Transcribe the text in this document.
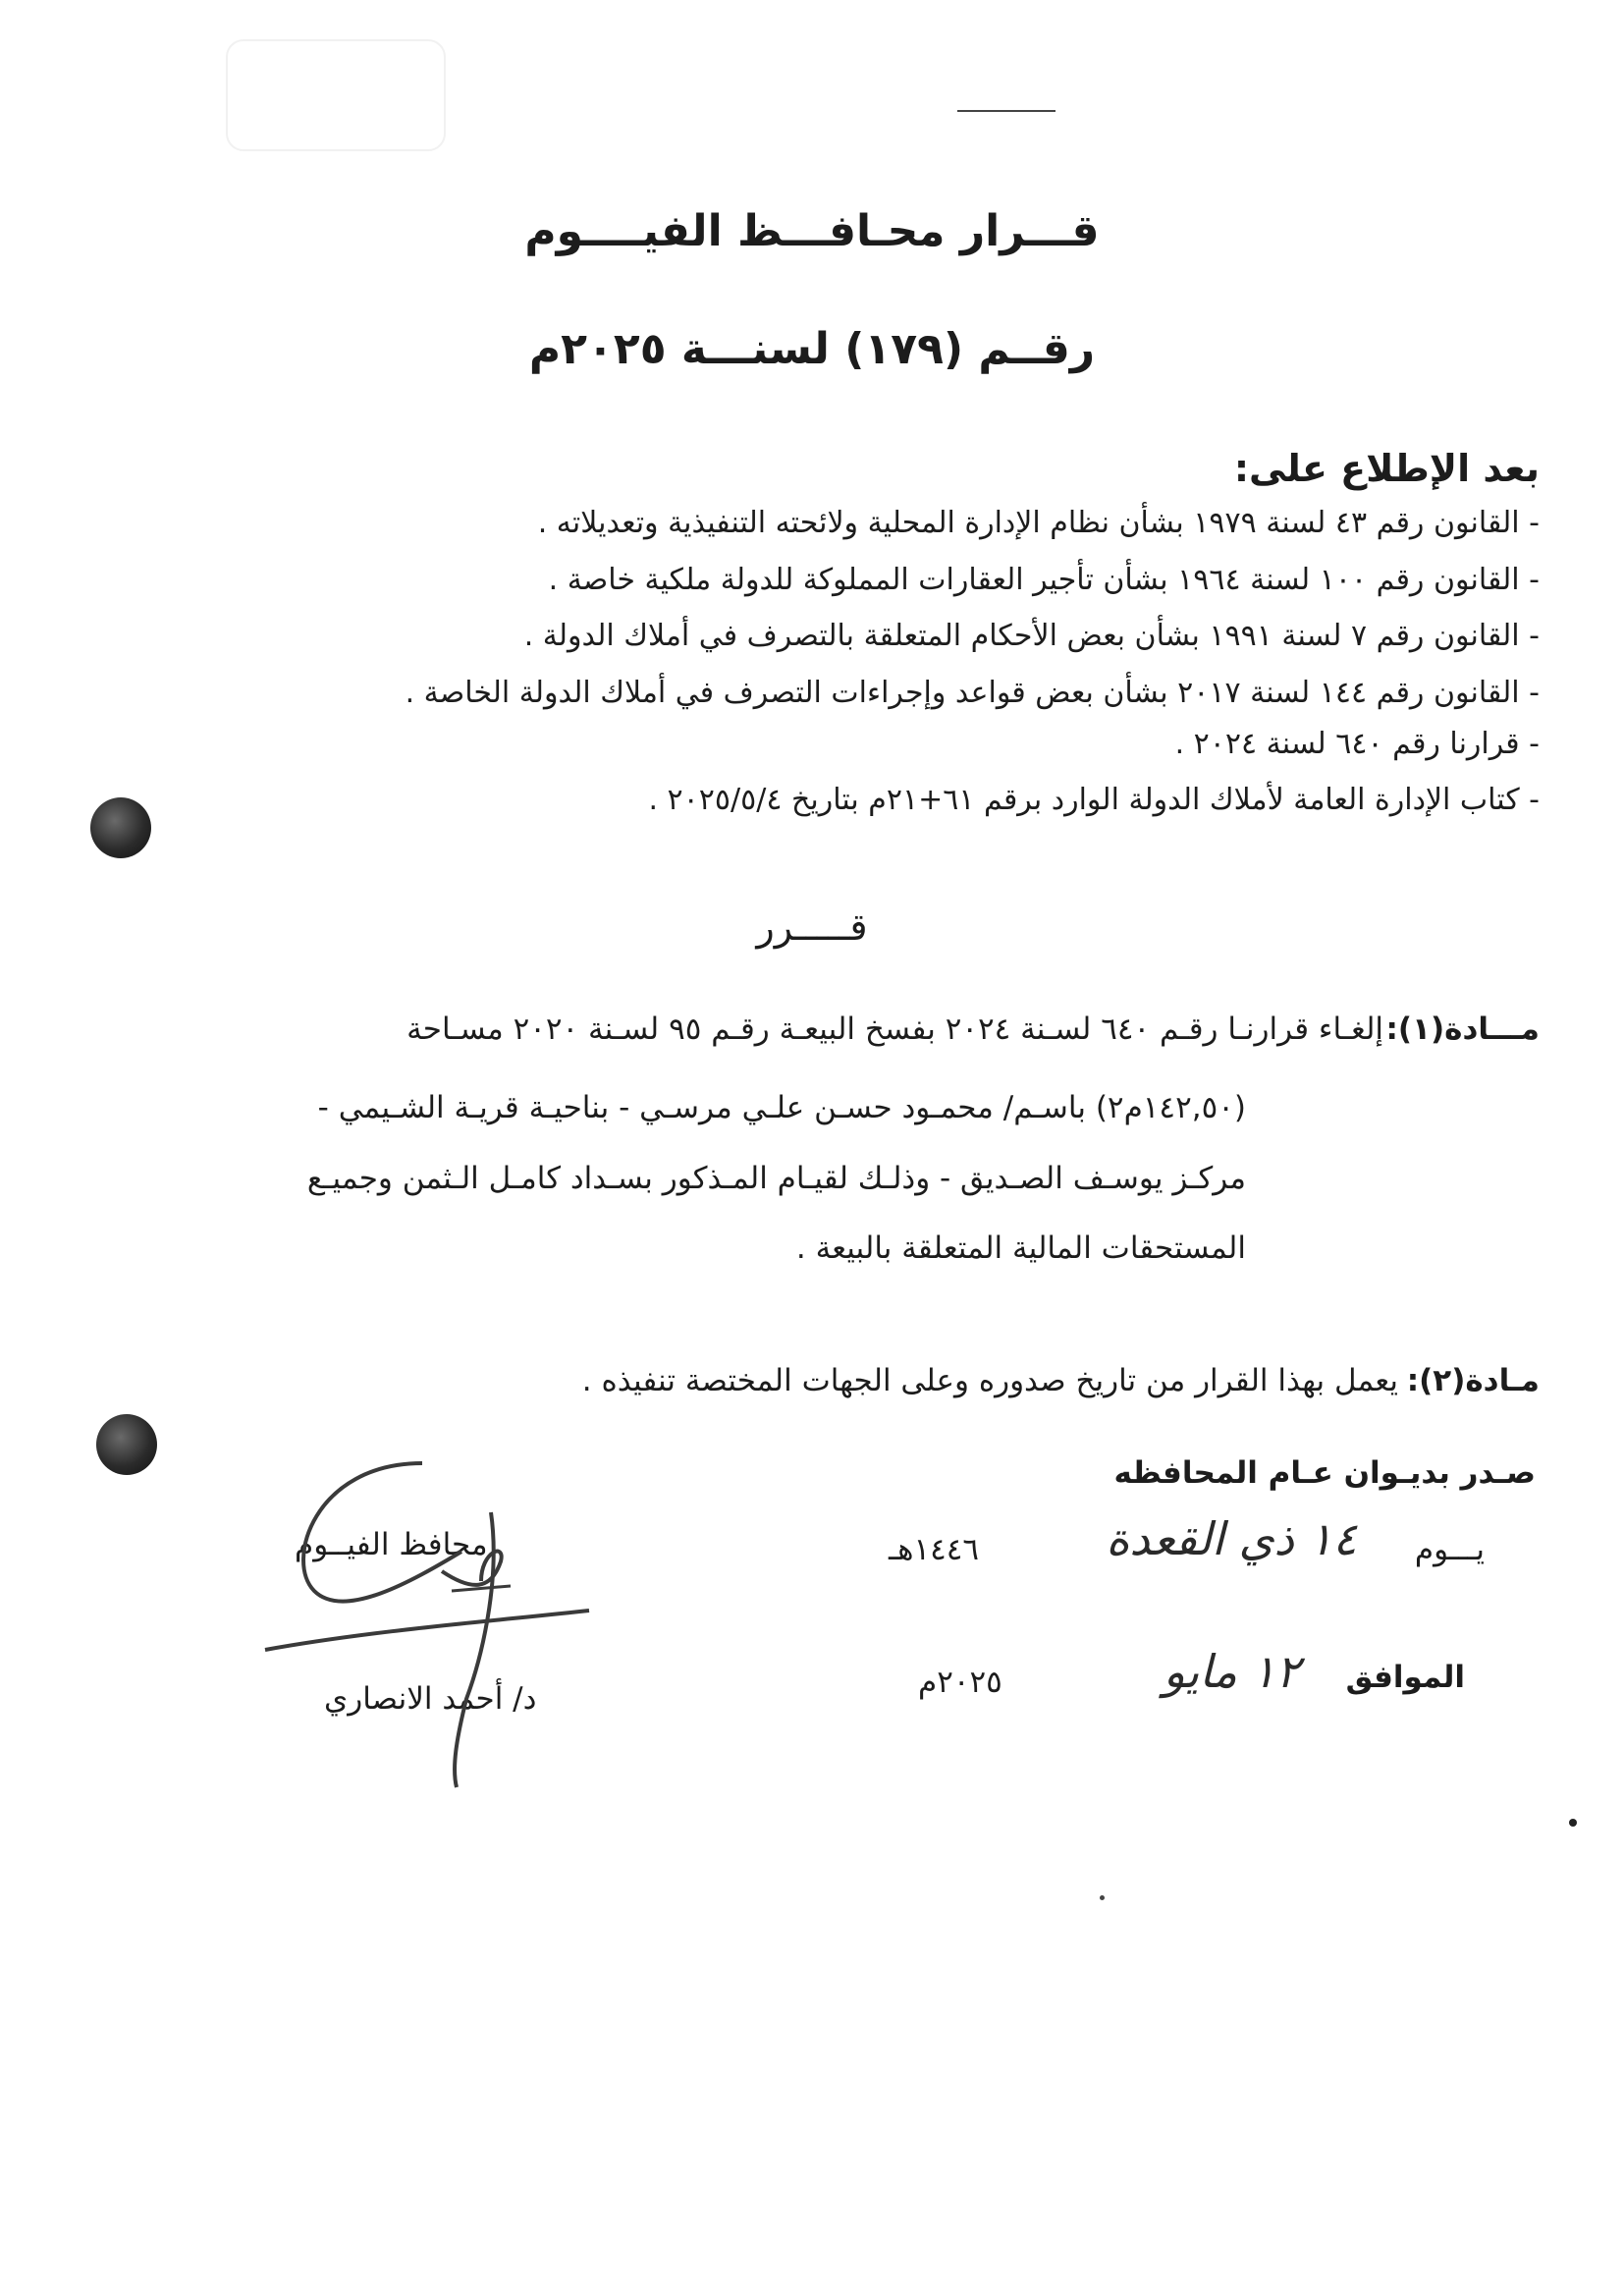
قـــرار محـافـــظ الفيــــوم
رقــم (١٧٩) لسنـــة ٢٠٢٥م
بعد الإطلاع على:
- القانون رقم ٤٣ لسنة ١٩٧٩ بشأن نظام الإدارة المحلية ولائحته التنفيذية وتعديلاته .
- القانون رقم ١٠٠ لسنة ١٩٦٤ بشأن تأجير العقارات المملوكة للدولة ملكية خاصة .
- القانون رقم ٧ لسنة ١٩٩١ بشأن بعض الأحكام المتعلقة بالتصرف في أملاك الدولة .
- القانون رقم ١٤٤ لسنة ٢٠١٧ بشأن بعض قواعد وإجراءات التصرف في أملاك الدولة الخاصة .
- قرارنا رقم ٦٤٠ لسنة ٢٠٢٤ .
- كتاب الإدارة العامة لأملاك الدولة الوارد برقم ٦١+٢١م بتاريخ ٢٠٢٥/٥/٤ .
قـــــرر
مـــادة(١):
إلغـاء قرارنـا رقـم ٦٤٠ لسـنة ٢٠٢٤ بفسخ البيعـة رقـم ٩٥ لسـنة ٢٠٢٠ مسـاحة
(١٤٢,٥٠م٢) باسـم/ محمـود حسـن علـي مرسـي - بناحيـة قريـة الشـيمي -
مركـز يوسـف الصـديق - وذلـك لقيـام المـذكور بسـداد كامـل الـثمن وجميـع
المستحقات المالية المتعلقة بالبيعة .
مـادة(٢):
يعمل بهذا القرار من تاريخ صدوره وعلى الجهات المختصة تنفيذه .
صـدر بديـوان عـام المحافظه
يـــوم
١٤ ذي القعدة
١٤٤٦هـ
الموافق
١٢ مايو
٢٠٢٥م
محافظ الفيــوم
د/ أحمد الانصاري
